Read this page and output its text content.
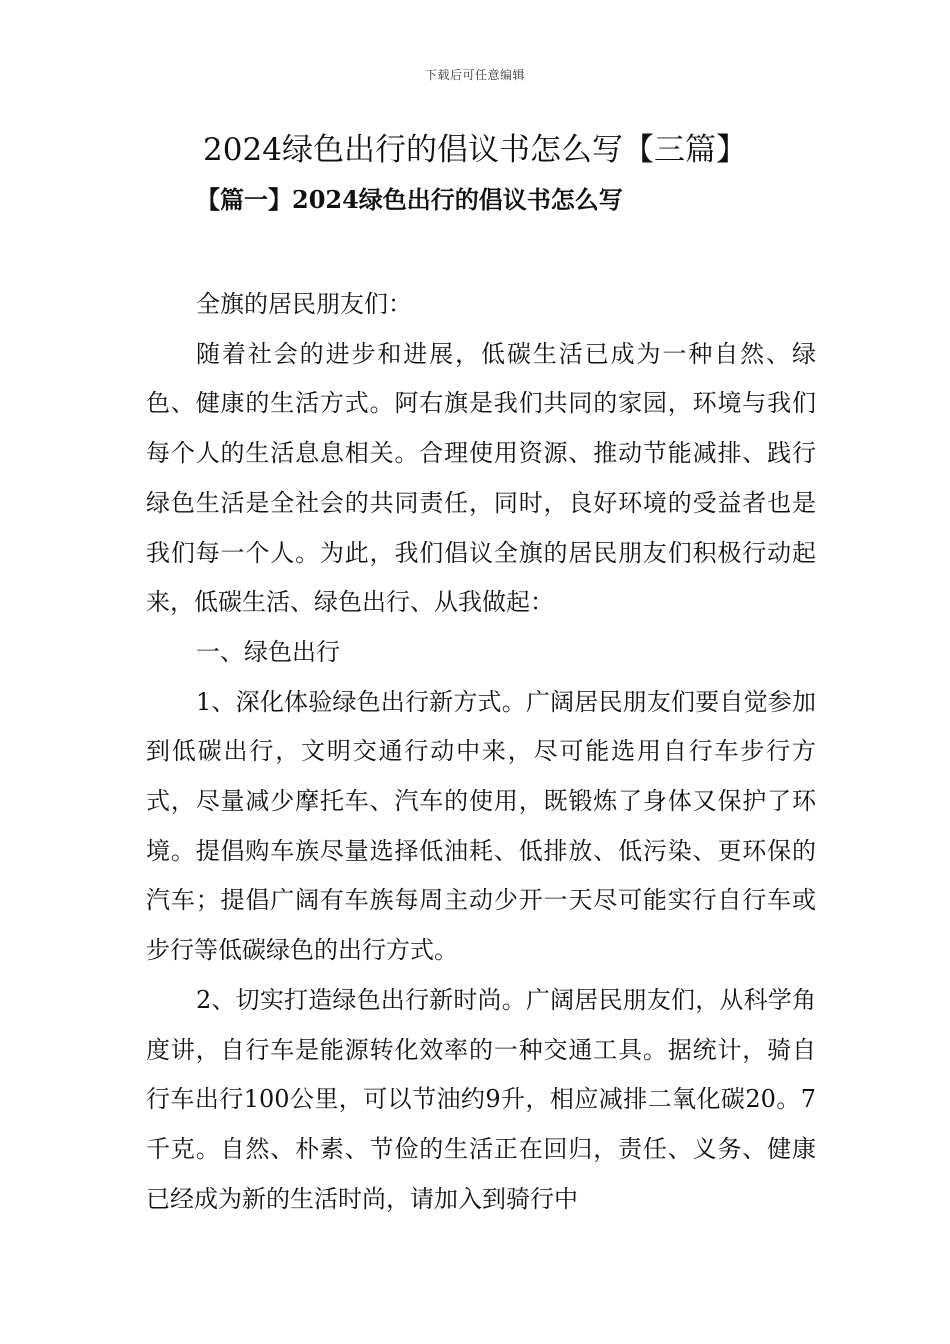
下载后可任意编辑
2024绿色出行的倡议书怎么写【三篇】
【篇一】2024绿色出行的倡议书怎么写

全旗的居民朋友们：

随着社会的进步和进展，低碳生活已成为一种自然、绿色、健康的生活方式。阿右旗是我们共同的家园，环境与我们每个人的生活息息相关。合理使用资源、推动节能减排、践行绿色生活是全社会的共同责任，同时，良好环境的受益者也是我们每一个人。为此，我们倡议全旗的居民朋友们积极行动起来，低碳生活、绿色出行、从我做起：

一、绿色出行

1、深化体验绿色出行新方式。广阔居民朋友们要自觉参加到低碳出行，文明交通行动中来，尽可能选用自行车步行方式，尽量减少摩托车、汽车的使用，既锻炼了身体又保护了环境。提倡购车族尽量选择低油耗、低排放、低污染、更环保的汽车；提倡广阔有车族每周主动少开一天尽可能实行自行车或步行等低碳绿色的出行方式。

2、切实打造绿色出行新时尚。广阔居民朋友们，从科学角度讲，自行车是能源转化效率的一种交通工具。据统计，骑自行车出行100公里，可以节油约9升，相应减排二氧化碳20。7千克。自然、朴素、节俭的生活正在回归，责任、义务、健康已经成为新的生活时尚，请加入到骑行中
